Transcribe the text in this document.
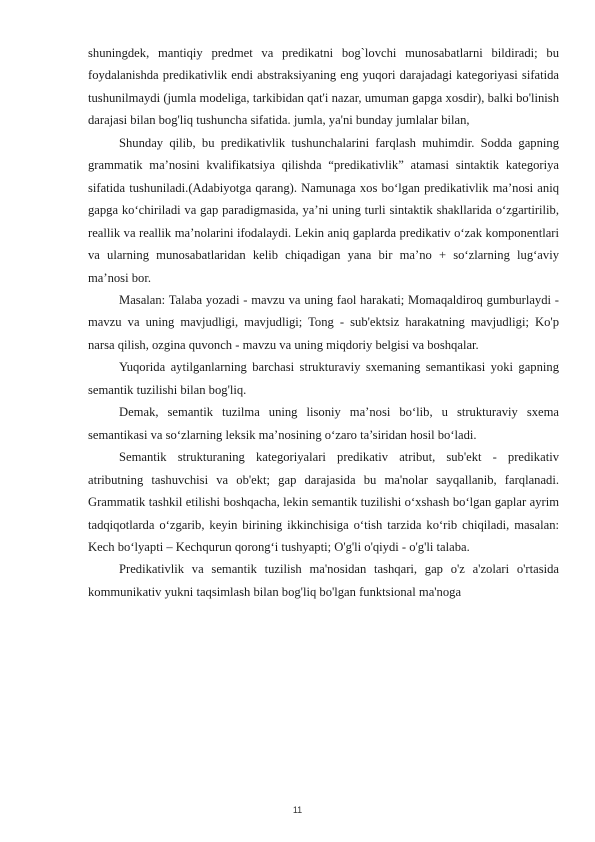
shuningdek, mantiqiy predmet va predikatni bog`lovchi munosabatlarni bildiradi; bu foydalanishda predikativlik endi abstraksiyaning eng yuqori darajadagi kategoriyasi sifatida tushunilmaydi (jumla modeliga, tarkibidan qat'i nazar, umuman gapga xosdir), balki bo'linish darajasi bilan bog'liq tushuncha sifatida. jumla, ya'ni bunday jumlalar bilan,

Shunday qilib, bu predikativlik tushunchalarini farqlash muhimdir. Sodda gapning grammatik ma’nosini kvalifikatsiya qilishda “predikativlik” atamasi sintaktik kategoriya sifatida tushuniladi.(Adabiyotga qarang). Namunaga xos bo‘lgan predikativlik ma’nosi aniq gapga ko‘chiriladi va gap paradigmasida, ya’ni uning turli sintaktik shakllarida o‘zgartirilib, reallik va reallik ma’nolarini ifodalaydi. Lekin aniq gaplarda predikativ o‘zak komponentlari va ularning munosabatlaridan kelib chiqadigan yana bir ma’no + so‘zlarning lug‘aviy ma’nosi bor.

Masalan: Talaba yozadi - mavzu va uning faol harakati; Momaqaldiroq gumburlaydi - mavzu va uning mavjudligi, mavjudligi; Tong - sub'ektsiz harakatning mavjudligi; Ko'p narsa qilish, ozgina quvonch - mavzu va uning miqdoriy belgisi va boshqalar.

Yuqorida aytilganlarning barchasi strukturaviy sxemaning semantikasi yoki gapning semantik tuzilishi bilan bog'liq.

Demak, semantik tuzilma uning lisoniy ma’nosi bo‘lib, u strukturaviy sxema semantikasi va so‘zlarning leksik ma’nosining o‘zaro ta’siridan hosil bo‘ladi.

Semantik strukturaning kategoriyalari predikativ atribut, sub'ekt - predikativ atributning tashuvchisi va ob'ekt; gap darajasida bu ma'nolar sayqallanib, farqlanadi. Grammatik tashkil etilishi boshqacha, lekin semantik tuzilishi o‘xshash bo‘lgan gaplar ayrim tadqiqotlarda o‘zgarib, keyin birining ikkinchisiga o‘tish tarzida ko‘rib chiqiladi, masalan: Kech bo‘lyapti – Kechqurun qorong‘i tushyapti; O'g'li o'qiydi - o'g'li talaba.

Predikativlik va semantik tuzilish ma'nosidan tashqari, gap o'z a'zolari o'rtasida kommunikativ yukni taqsimlash bilan bog'liq bo'lgan funktsional ma'noga

11
